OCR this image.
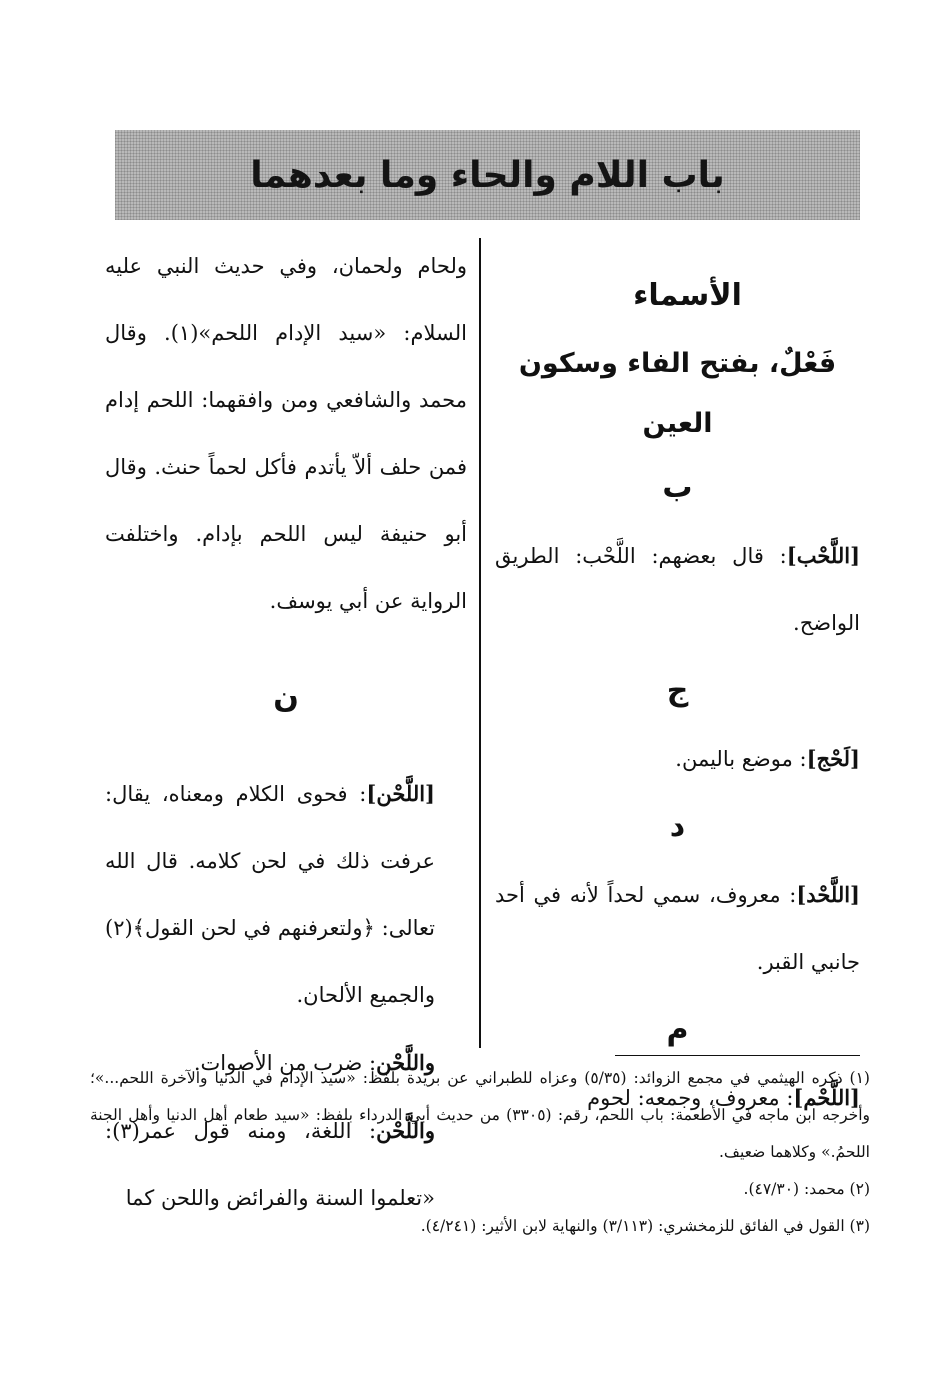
باب اللام والحاء وما بعدهما
الأسماء
فَعْلٌ، بفتح الفاء وسكون العين
ب
[اللَّحْب]: قال بعضهم: اللَّحْب: الطريق الواضح.
ج
[لَحْج]: موضع باليمن.
د
[اللَّحْد]: معروف، سمي لحداً لأنه في أحد جانبي القبر.
م
[اللَّحْم]: معروف، وجمعه: لحوم
ولحام ولحمان، وفي حديث النبي عليه السلام: «سيد الإدام اللحم»(١). وقال محمد والشافعي ومن وافقهما: اللحم إدام فمن حلف ألاّ يأتدم فأكل لحماً حنث. وقال أبو حنيفة ليس اللحم بإدام. واختلفت الرواية عن أبي يوسف.
ن
[اللَّحْن]: فحوى الكلام ومعناه، يقال: عرفت ذلك في لحن كلامه. قال الله تعالى: ﴿ولتعرفنهم في لحن القول﴾(٢) والجميع الألحان.
واللَّحْن: ضرب من الأصوات.
واللَّحْن: اللغة، ومنه قول عمر(٣): «تعلموا السنة والفرائض واللحن كما
(١) ذكره الهيثمي في مجمع الزوائد: (٥/٣٥) وعزاه للطبراني عن بريدة بلفظ: «سيد الإدام في الدنيا والآخرة اللحم...»؛ وأخرجه ابن ماجه في الأطعمة: باب اللحم، رقم: (٣٣٠٥) من حديث أبي الدرداء بلفظ: «سيد طعام أهل الدنيا وأهل الجنة اللحمُ.» وكلاهما ضعيف.
(٢) محمد: (٤٧/٣٠).
(٣) القول في الفائق للزمخشري: (٣/١١٣) والنهاية لابن الأثير: (٤/٢٤١).
